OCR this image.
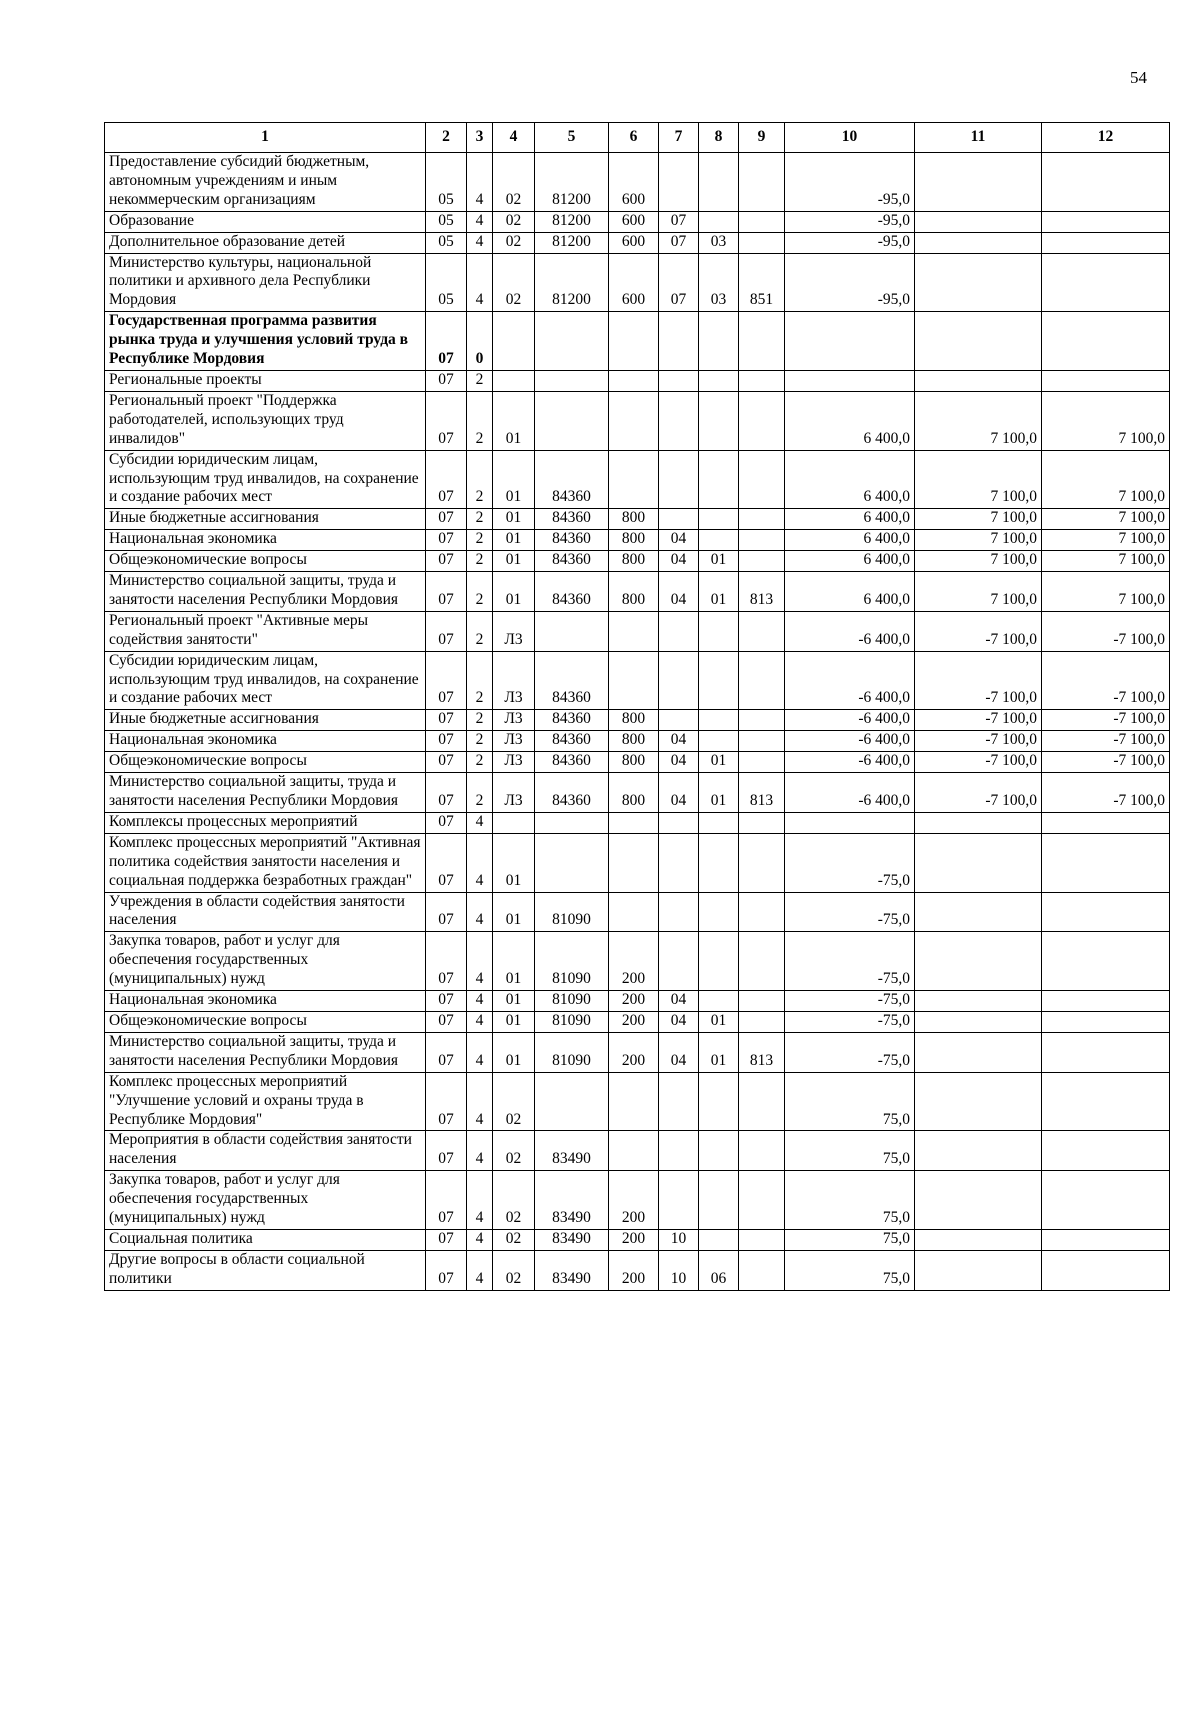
54
1	2	3	4	5	6	7	8	9	10	11	12
Предоставление субсидий бюджетным, автономным учреждениям и иным некоммерческим организациям	05	4	02	81200	600				-95,0		
Образование	05	4	02	81200	600	07			-95,0		
Дополнительное образование детей	05	4	02	81200	600	07	03		-95,0		
Министерство культуры, национальной политики и архивного дела Республики Мордовия	05	4	02	81200	600	07	03	851	-95,0		
Государственная программа развития рынка труда и улучшения условий труда в Республике Мордовия	07	0									
Региональные проекты	07	2									
Региональный проект "Поддержка работодателей, использующих труд инвалидов"	07	2	01						6 400,0	7 100,0	7 100,0
Субсидии юридическим лицам, использующим труд инвалидов, на сохранение и создание рабочих мест	07	2	01	84360					6 400,0	7 100,0	7 100,0
Иные бюджетные ассигнования	07	2	01	84360	800				6 400,0	7 100,0	7 100,0
Национальная экономика	07	2	01	84360	800	04			6 400,0	7 100,0	7 100,0
Общеэкономические вопросы	07	2	01	84360	800	04	01		6 400,0	7 100,0	7 100,0
Министерство социальной защиты, труда и занятости населения Республики Мордовия	07	2	01	84360	800	04	01	813	6 400,0	7 100,0	7 100,0
Региональный проект "Активные меры содействия занятости"	07	2	Л3						-6 400,0	-7 100,0	-7 100,0
Субсидии юридическим лицам, использующим труд инвалидов, на сохранение и создание рабочих мест	07	2	Л3	84360					-6 400,0	-7 100,0	-7 100,0
Иные бюджетные ассигнования	07	2	Л3	84360	800				-6 400,0	-7 100,0	-7 100,0
Национальная экономика	07	2	Л3	84360	800	04			-6 400,0	-7 100,0	-7 100,0
Общеэкономические вопросы	07	2	Л3	84360	800	04	01		-6 400,0	-7 100,0	-7 100,0
Министерство социальной защиты, труда и занятости населения Республики Мордовия	07	2	Л3	84360	800	04	01	813	-6 400,0	-7 100,0	-7 100,0
Комплексы процессных мероприятий	07	4									
Комплекс процессных мероприятий "Активная политика содействия занятости населения и социальная поддержка безработных граждан"	07	4	01						-75,0		
Учреждения в области содействия занятости населения	07	4	01	81090					-75,0		
Закупка товаров, работ и услуг для обеспечения государственных (муниципальных) нужд	07	4	01	81090	200				-75,0		
Национальная экономика	07	4	01	81090	200	04			-75,0		
Общеэкономические вопросы	07	4	01	81090	200	04	01		-75,0		
Министерство социальной защиты, труда и занятости населения Республики Мордовия	07	4	01	81090	200	04	01	813	-75,0		
Комплекс процессных мероприятий "Улучшение условий и охраны труда в Республике Мордовия"	07	4	02						75,0		
Мероприятия в области содействия занятости населения	07	4	02	83490					75,0		
Закупка товаров, работ и услуг для обеспечения государственных (муниципальных) нужд	07	4	02	83490	200				75,0		
Социальная политика	07	4	02	83490	200	10			75,0		
Другие вопросы в области социальной политики	07	4	02	83490	200	10	06		75,0		
